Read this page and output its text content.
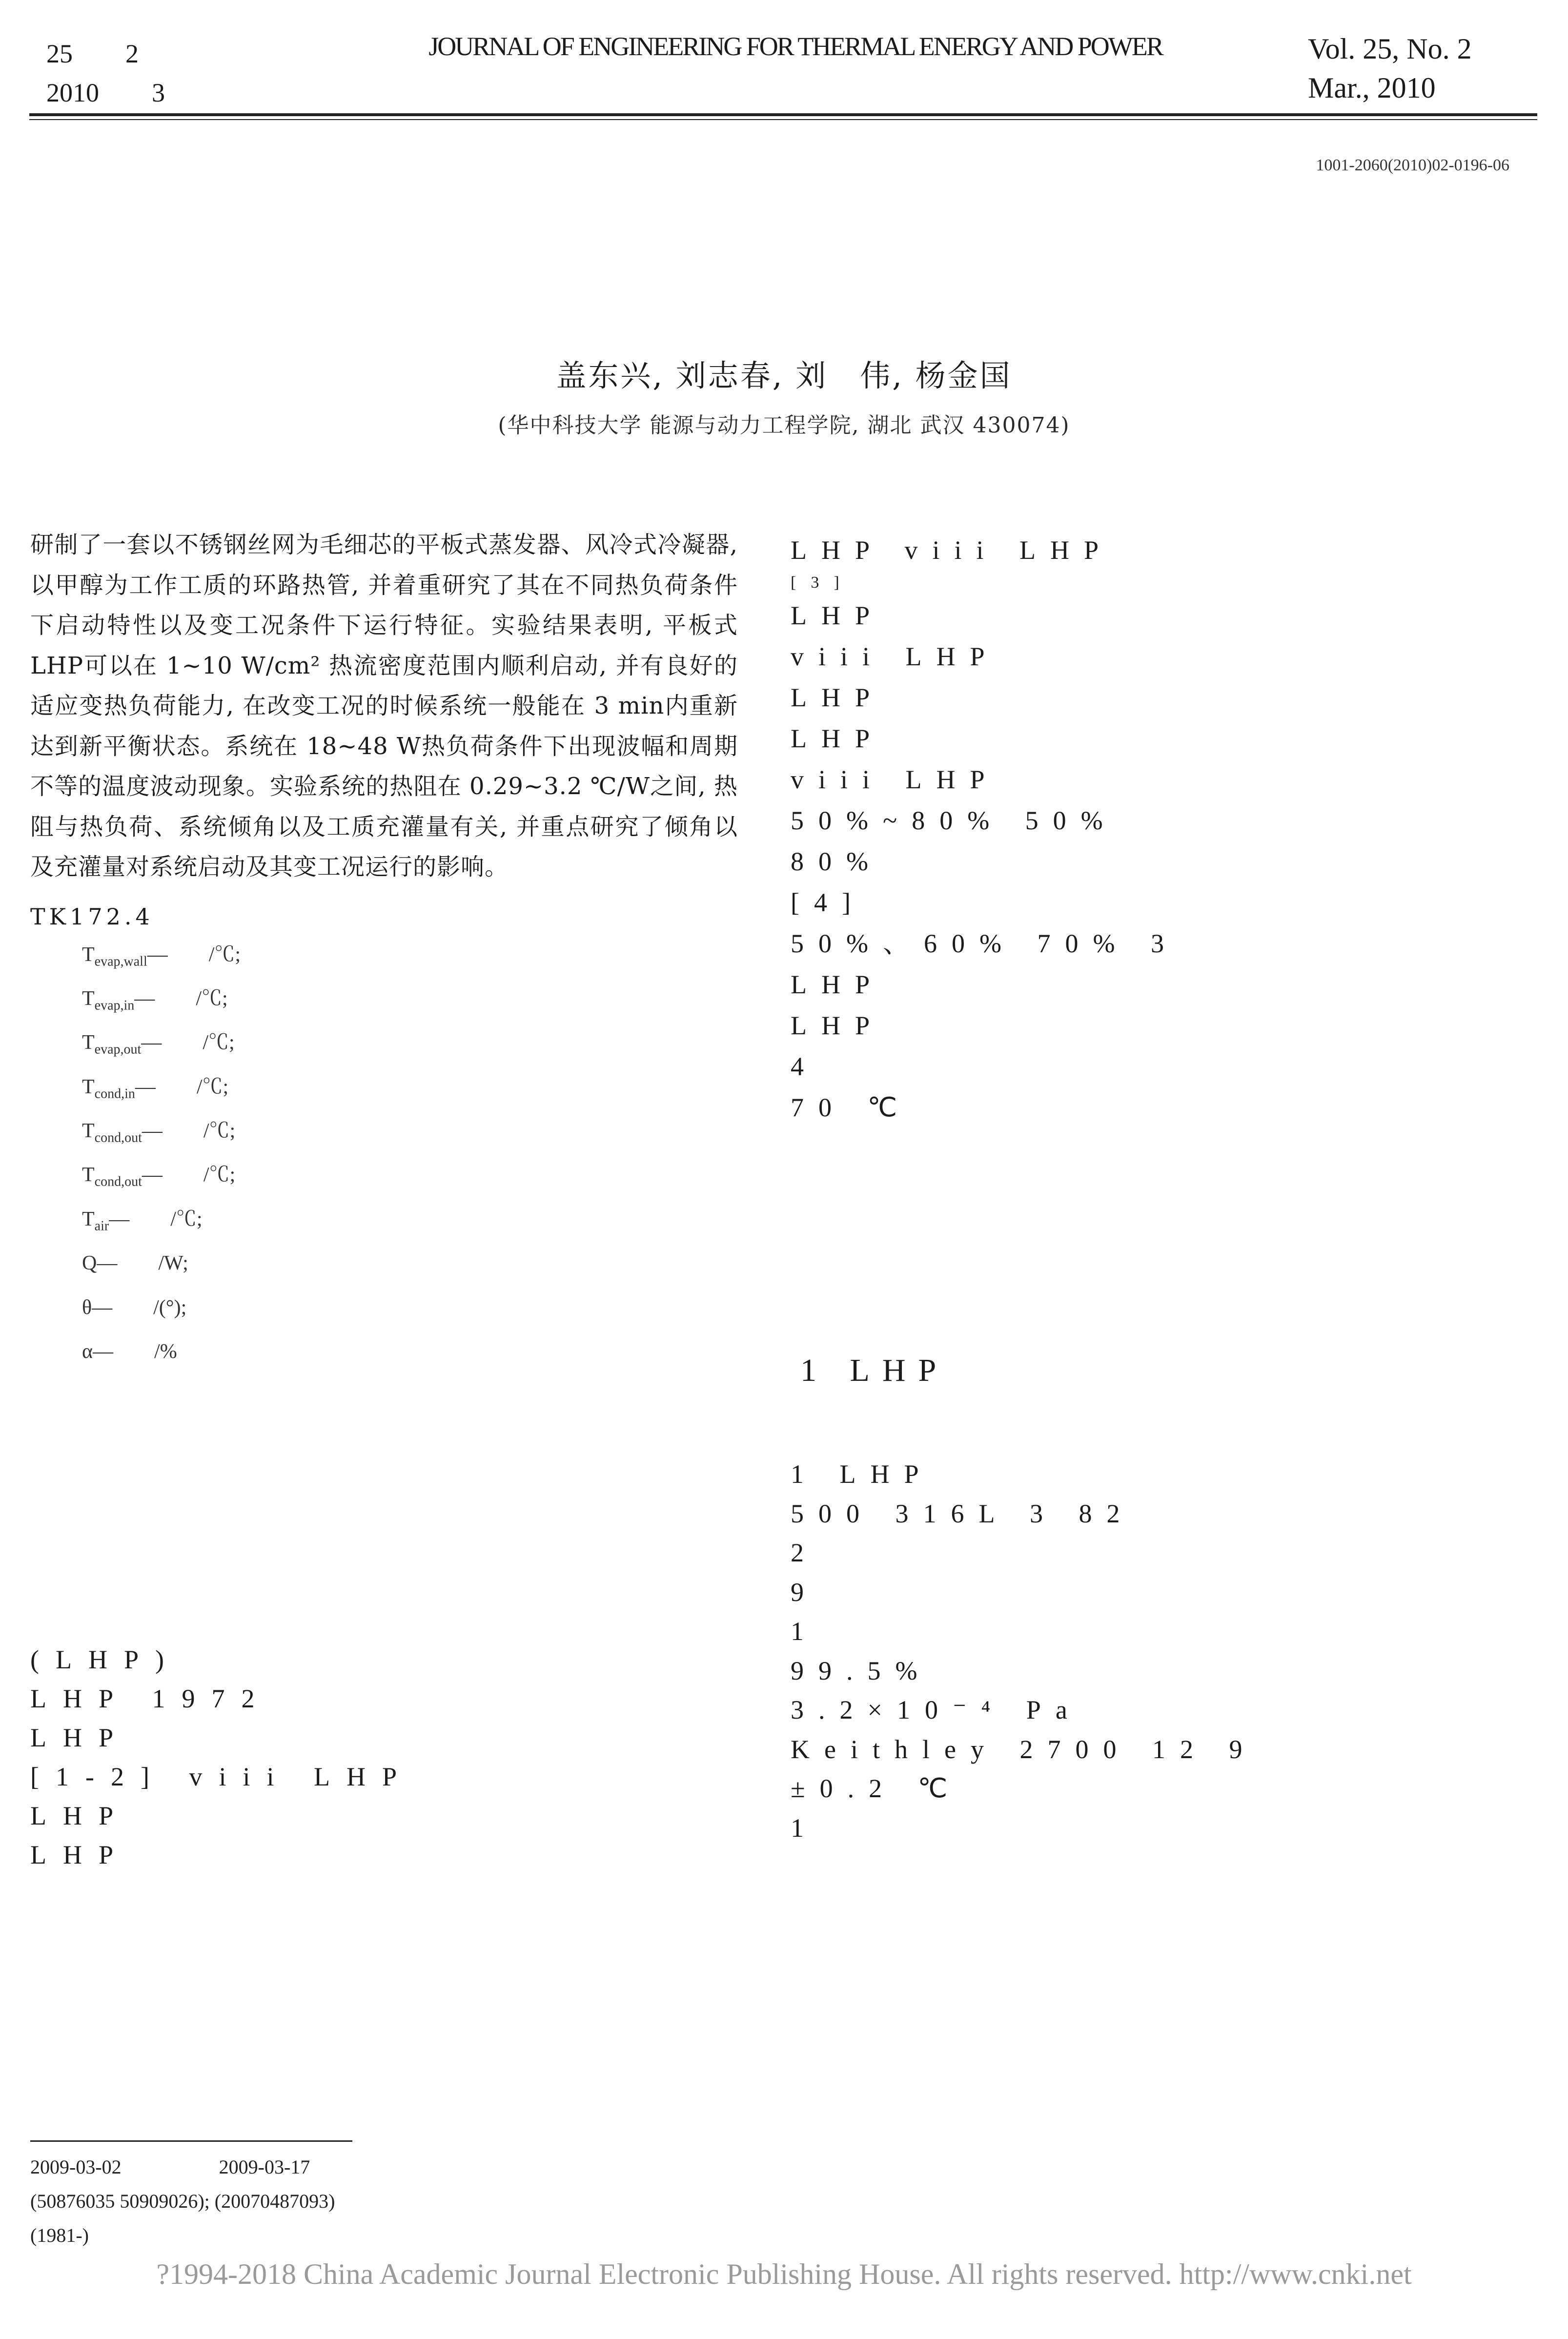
25　　 2
2010　　 3
JOURNAL OF ENGINEERING FOR THERMAL ENERGY AND POWER	Vol. 25, No. 2
Mar., 2010
1001-2060(2010)02-0196-06
盖东兴, 刘志春, 刘　伟, 杨金国
(华中科技大学 能源与动力工程学院, 湖北 武汉 430074)

研制了一套以不锈钢丝网为毛细芯的平板式蒸发器、风冷式冷凝器, 以甲醇为工作工质的环路热管, 并着重研究了其在不同热负荷条件下启动特性以及变工况条件下运行特征。实验结果表明, 平板式 LHP可以在 1~10 W/cm² 热流密度范围内顺利启动, 并有良好的适应变热负荷能力, 在改变工况的时候系统一般能在 3 min内重新达到新平衡状态。系统在 18~48 W热负荷条件下出现波幅和周期不等的温度波动现象。实验系统的热阻在 0.29~3.2 ℃/W之间, 热阻与热负荷、系统倾角以及工质充灌量有关, 并重点研究了倾角以及充灌量对系统启动及其变工况运行的影响。

TK172.4
$T_{evap,wall}—$　　/℃;
$T_{evap,in}—$　　/℃;
$T_{evap,out}—$　　/℃;
$T_{cond,in}—$　　/℃;
$T_{cond,out}—$　　/℃;
$T_{cond,out}—$　　/℃;
$T_{air}—$　　/℃;
Q—　　/W;
θ—　　/(°);
α—　　/%

(LHP)

LHP 1972

LHP

[1-2] viii LHP

LHP

LHP

LHP viii LHP

[3]

LHP

viii LHP

LHP

LHP

viii LHP

50%~80% 50%

80%

[4]

50%、60% 70% 3

LHP

LHP

4

70 ℃

1 LHP

1 LHP

500 316L 3 82

2

9

1

99.5%

3.2×10⁻⁴ Pa

Keithley 2700 12 9

±0.2 ℃

1

2009-03-02　　　　　	2009-03-17
(50876035 50909026); (20070487093)
(1981-)
?1994-2018 China Academic Journal Electronic Publishing House. All rights reserved. http://www.cnki.net
